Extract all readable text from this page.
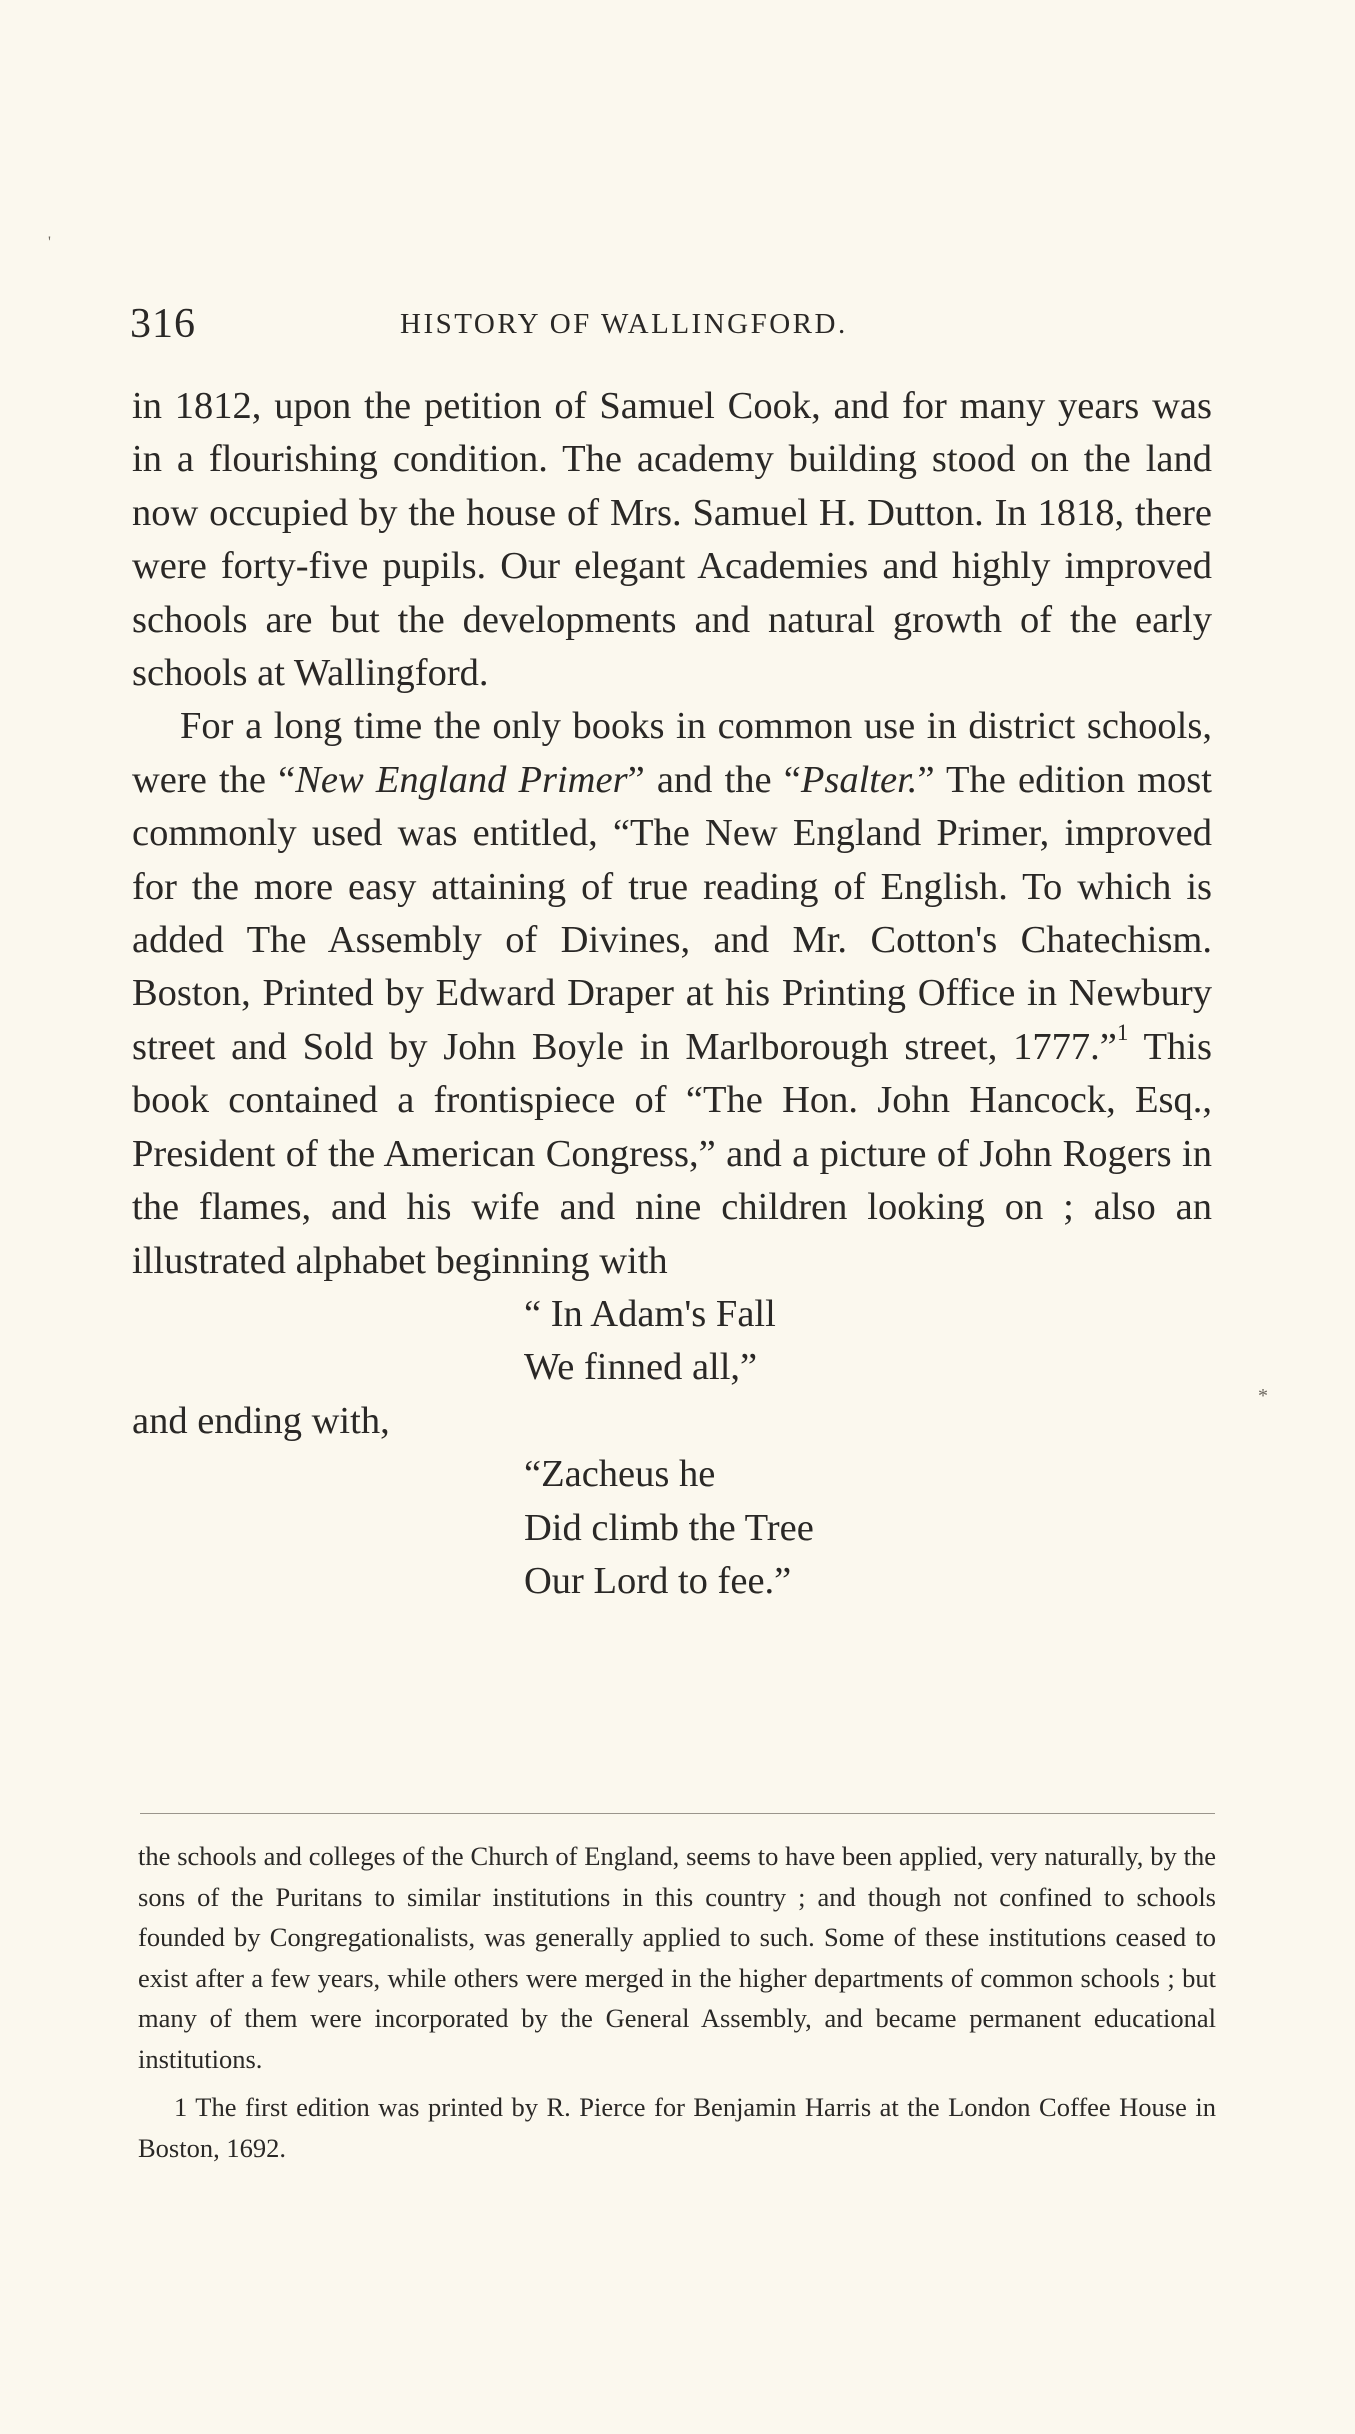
'
*
316	HISTORY OF WALLINGFORD.

in 1812, upon the petition of Samuel Cook, and for many years was in a flourishing condition. The academy building stood on the land now occupied by the house of Mrs. Samuel H. Dutton. In 1818, there were forty-five pupils. Our elegant Academies and highly improved schools are but the developments and natural growth of the early schools at Wallingford.

For a long time the only books in common use in district schools, were the “New England Primer” and the “Psalter.” The edition most commonly used was entitled, “The New England Primer, improved for the more easy attaining of true reading of English. To which is added The Assembly of Divines, and Mr. Cotton's Chatechism. Boston, Printed by Edward Draper at his Printing Office in Newbury street and Sold by John Boyle in Marlborough street, 1777.”$^1$ This book contained a frontispiece of “The Hon. John Hancock, Esq., President of the American Congress,” and a picture of John Rogers in the flames, and his wife and nine children looking on ; also an illustrated alphabet beginning with

“ In Adam's Fall
We finned all,”

and ending with,

“Zacheus he
Did climb the Tree
Our Lord to fee.”

the schools and colleges of the Church of England, seems to have been applied, very naturally, by the sons of the Puritans to similar institutions in this country ; and though not confined to schools founded by Congregationalists, was generally applied to such. Some of these institutions ceased to exist after a few years, while others were merged in the higher departments of common schools ; but many of them were incorporated by the General Assembly, and became permanent educational institutions.

1 The first edition was printed by R. Pierce for Benjamin Harris at the London Coffee House in Boston, 1692.
